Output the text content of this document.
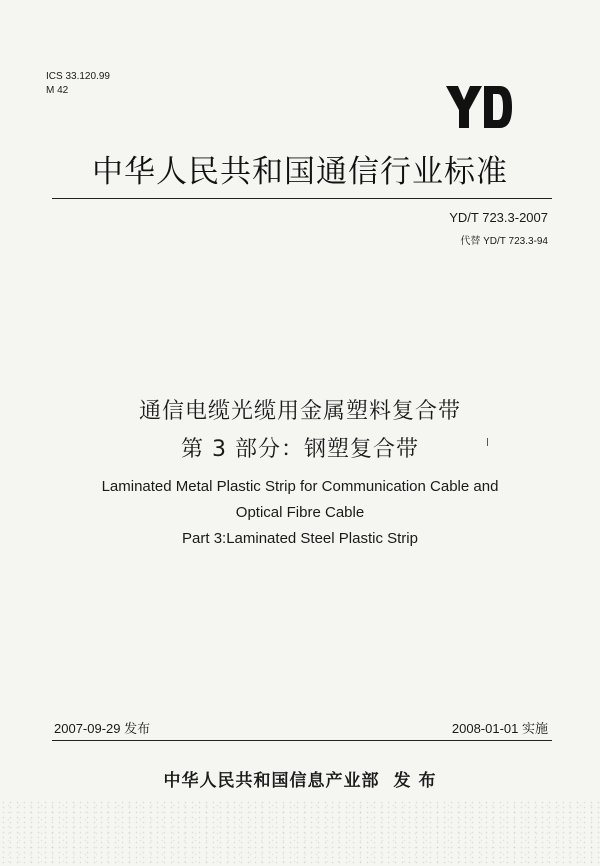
ICS 33.120.99
M 42
中华人民共和国通信行业标准
YD/T 723.3-2007
代替 YD/T 723.3-94
通信电缆光缆用金属塑料复合带
第 3 部分：钢塑复合带
Laminated Metal Plastic Strip for Communication Cable and
Optical Fibre Cable
Part 3:Laminated Steel Plastic Strip
2007-09-29 发布	2008-01-01 实施
中华人民共和国信息产业部 发 布
